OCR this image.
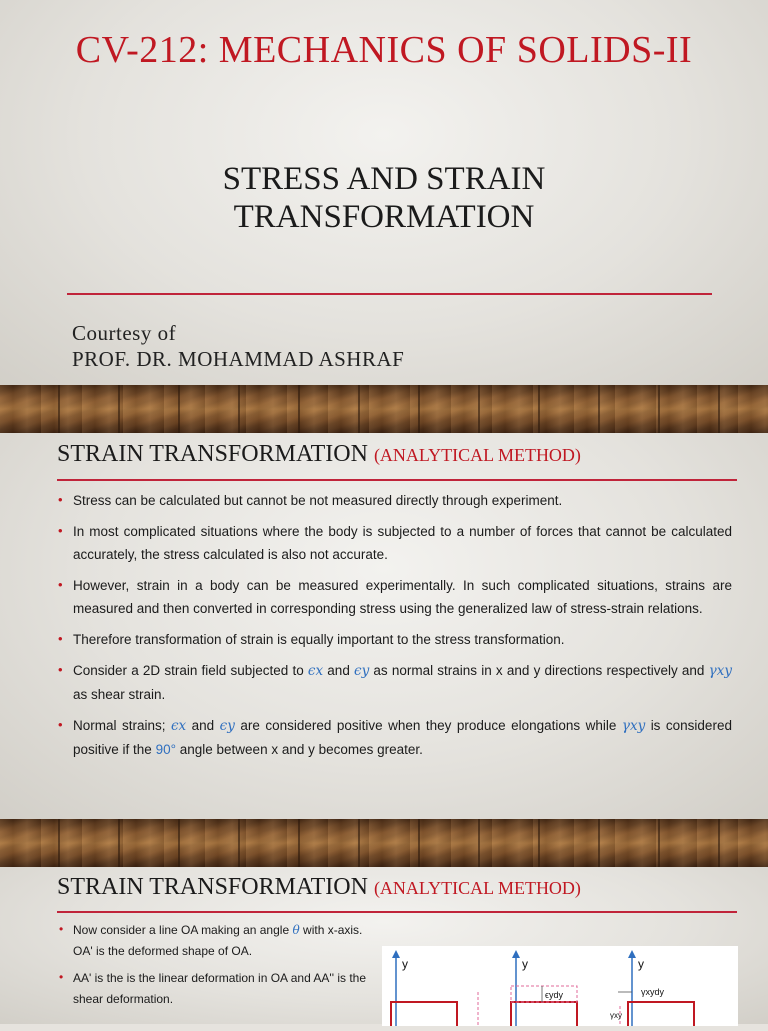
CV-212: MECHANICS OF SOLIDS-II
STRESS AND STRAIN
TRANSFORMATION
Courtesy of
PROF. DR. MOHAMMAD ASHRAF
STRAIN TRANSFORMATION (ANALYTICAL METHOD)
• Stress can be calculated but cannot be not measured directly through experiment.
• In most complicated situations where the body is subjected to a number of forces that cannot be calculated accurately, the stress calculated is also not accurate.
• However, strain in a body can be measured experimentally. In such complicated situations, strains are measured and then converted in corresponding stress using the generalized law of stress-strain relations.
• Therefore transformation of strain is equally important to the stress transformation.
• Consider a 2D strain field subjected to ϵx and ϵy as normal strains in x and y directions respectively and γxy as shear strain.
• Normal strains; ϵx and ϵy are considered positive when they produce elongations while γxy is considered positive if the 90° angle between x and y becomes greater.
STRAIN TRANSFORMATION (ANALYTICAL METHOD)
• Now consider a line OA making an angle θ with x-axis. OA' is the deformed shape of OA.
• AA' is the is the linear deformation in OA and AA'' is the shear deformation.
y	y
ϵydy
y
γxydy
γxy
